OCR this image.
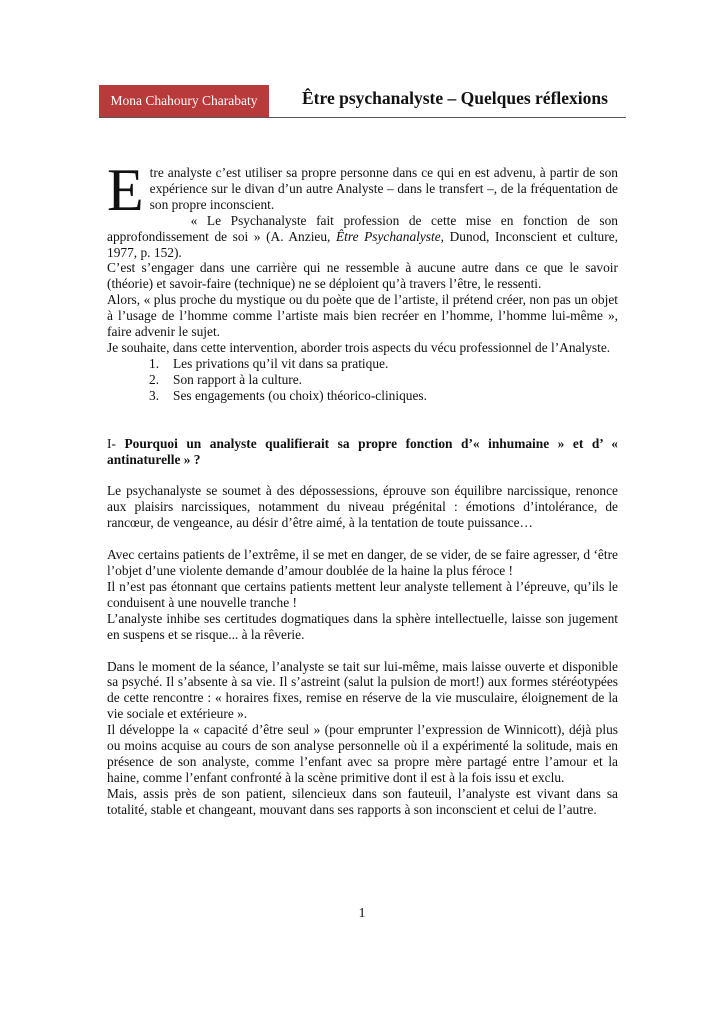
Mona Chahoury Charabaty	Être psychanalyste – Quelques réflexions

Etre analyste c’est utiliser sa propre personne dans ce qui en est advenu, à partir de son expérience sur le divan d’un autre Analyste – dans le transfert –, de la fréquentation de son propre inconscient.

« Le Psychanalyste fait profession de cette mise en fonction de son approfondissement de soi » (A. Anzieu, Être Psychanalyste, Dunod, Inconscient et culture, 1977, p. 152).

C’est s’engager dans une carrière qui ne ressemble à aucune autre dans ce que le savoir (théorie) et savoir-faire (technique) ne se déploient qu’à travers l’être, le ressenti.

Alors, « plus proche du mystique ou du poète que de l’artiste, il prétend créer, non pas un objet à l’usage de l’homme comme l’artiste mais bien recréer en l’homme, l’homme lui-même », faire advenir le sujet.

Je souhaite, dans cette intervention, aborder trois aspects du vécu professionnel de l’Analyste.

1.	Les privations qu’il vit dans sa pratique.
2.	Son rapport à la culture.
3.	Ses engagements (ou choix) théorico-cliniques.

I- Pourquoi un analyste qualifierait sa propre fonction d’« inhumaine » et d’ « antinaturelle » ?

Le psychanalyste se soumet à des dépossessions, éprouve son équilibre narcissique, renonce aux plaisirs narcissiques, notamment du niveau prégénital : émotions d’intolérance, de rancœur, de vengeance, au désir d’être aimé, à la tentation de toute puissance…

Avec certains patients de l’extrême, il se met en danger, de se vider, de se faire agresser, d ‘être l’objet d’une violente demande d’amour doublée de la haine la plus féroce !

Il n’est pas étonnant que certains patients mettent leur analyste tellement à l’épreuve, qu’ils le conduisent à une nouvelle tranche !

L’analyste inhibe ses certitudes dogmatiques dans la sphère intellectuelle, laisse son jugement en suspens et se risque... à la rêverie.

Dans le moment de la séance, l’analyste se tait sur lui-même, mais laisse ouverte et disponible sa psyché. Il s’absente à sa vie. Il s’astreint (salut la pulsion de mort!) aux formes stéréotypées de cette rencontre : « horaires fixes, remise en réserve de la vie musculaire, éloignement de la vie sociale et extérieure ».

Il développe la « capacité d’être seul » (pour emprunter l’expression de Winnicott), déjà plus ou moins acquise au cours de son analyse personnelle où il a expérimenté la solitude, mais en présence de son analyste, comme l’enfant avec sa propre mère partagé entre l’amour et la haine, comme l’enfant confronté à la scène primitive dont il est à la fois issu et exclu.

Mais, assis près de son patient, silencieux dans son fauteuil, l’analyste est vivant dans sa totalité, stable et changeant, mouvant dans ses rapports à son inconscient et celui de l’autre.

1
